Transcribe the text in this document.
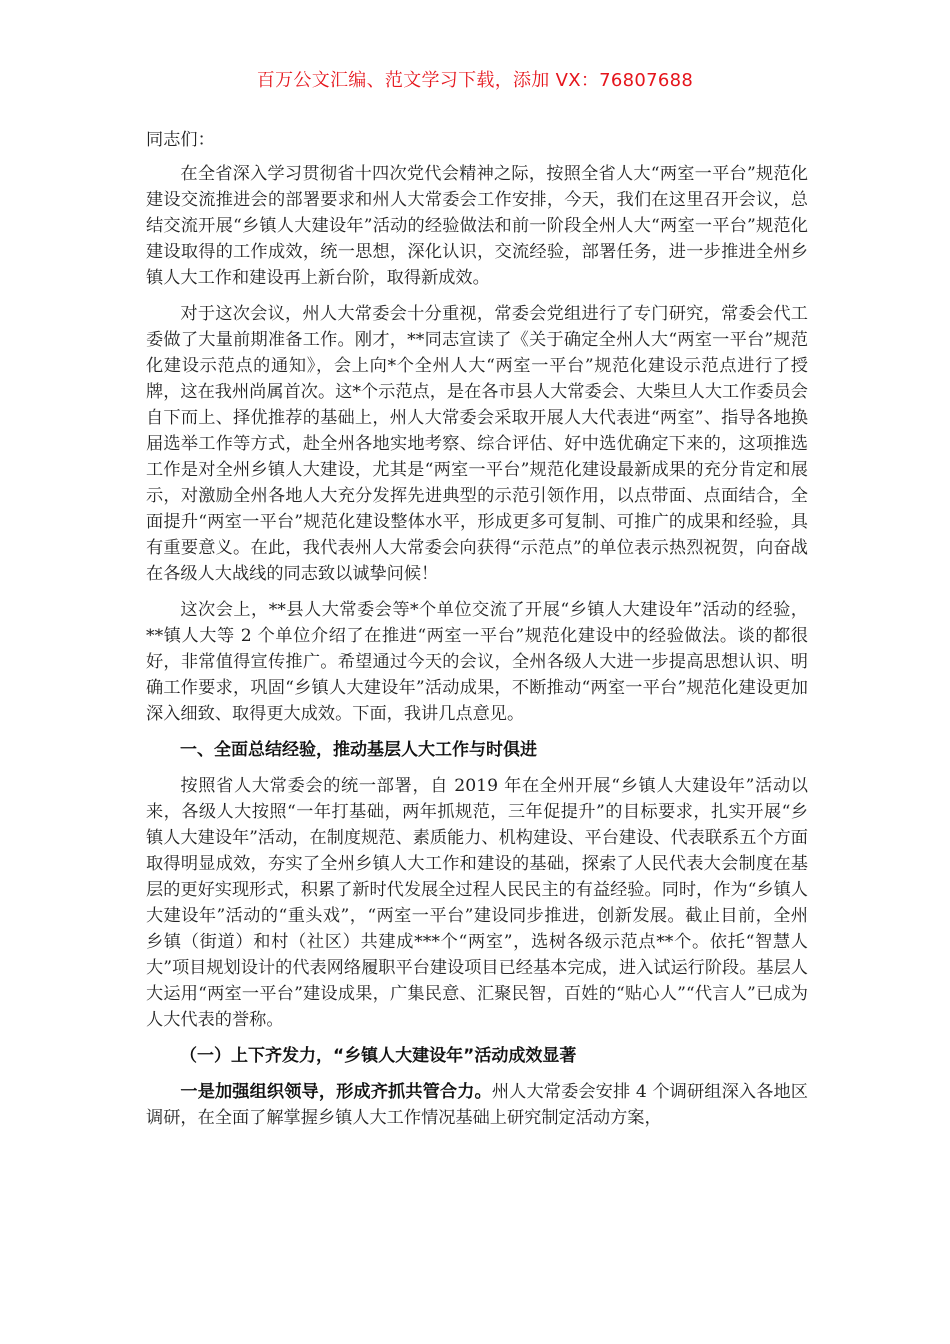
百万公文汇编、范文学习下载，添加 VX：76807688

同志们：

在全省深入学习贯彻省十四次党代会精神之际，按照全省人大“两室一平台”规范化建设交流推进会的部署要求和州人大常委会工作安排，今天，我们在这里召开会议，总结交流开展“乡镇人大建设年”活动的经验做法和前一阶段全州人大“两室一平台”规范化建设取得的工作成效，统一思想，深化认识，交流经验，部署任务，进一步推进全州乡镇人大工作和建设再上新台阶，取得新成效。

对于这次会议，州人大常委会十分重视，常委会党组进行了专门研究，常委会代工委做了大量前期准备工作。刚才，**同志宣读了《关于确定全州人大“两室一平台”规范化建设示范点的通知》，会上向*个全州人大“两室一平台”规范化建设示范点进行了授牌，这在我州尚属首次。这*个示范点，是在各市县人大常委会、大柴旦人大工作委员会自下而上、择优推荐的基础上，州人大常委会采取开展人大代表进“两室”、指导各地换届选举工作等方式，赴全州各地实地考察、综合评估、好中选优确定下来的，这项推选工作是对全州乡镇人大建设，尤其是“两室一平台”规范化建设最新成果的充分肯定和展示，对激励全州各地人大充分发挥先进典型的示范引领作用，以点带面、点面结合，全面提升“两室一平台”规范化建设整体水平，形成更多可复制、可推广的成果和经验，具有重要意义。在此，我代表州人大常委会向获得“示范点”的单位表示热烈祝贺，向奋战在各级人大战线的同志致以诚挚问候！

这次会上，**县人大常委会等*个单位交流了开展“乡镇人大建设年”活动的经验，**镇人大等 2 个单位介绍了在推进“两室一平台”规范化建设中的经验做法。谈的都很好，非常值得宣传推广。希望通过今天的会议，全州各级人大进一步提高思想认识、明确工作要求，巩固“乡镇人大建设年”活动成果，不断推动“两室一平台”规范化建设更加深入细致、取得更大成效。下面，我讲几点意见。

一、全面总结经验，推动基层人大工作与时俱进

按照省人大常委会的统一部署，自 2019 年在全州开展“乡镇人大建设年”活动以来，各级人大按照“一年打基础，两年抓规范，三年促提升”的目标要求，扎实开展“乡镇人大建设年”活动，在制度规范、素质能力、机构建设、平台建设、代表联系五个方面取得明显成效，夯实了全州乡镇人大工作和建设的基础，探索了人民代表大会制度在基层的更好实现形式，积累了新时代发展全过程人民民主的有益经验。同时，作为“乡镇人大建设年”活动的“重头戏”，“两室一平台”建设同步推进，创新发展。截止目前，全州乡镇（街道）和村（社区）共建成***个“两室”，选树各级示范点**个。依托“智慧人大”项目规划设计的代表网络履职平台建设项目已经基本完成，进入试运行阶段。基层人大运用“两室一平台”建设成果，广集民意、汇聚民智，百姓的“贴心人”“代言人”已成为人大代表的誉称。

（一）上下齐发力，“乡镇人大建设年”活动成效显著

一是加强组织领导，形成齐抓共管合力。州人大常委会安排 4 个调研组深入各地区调研，在全面了解掌握乡镇人大工作情况基础上研究制定活动方案，
